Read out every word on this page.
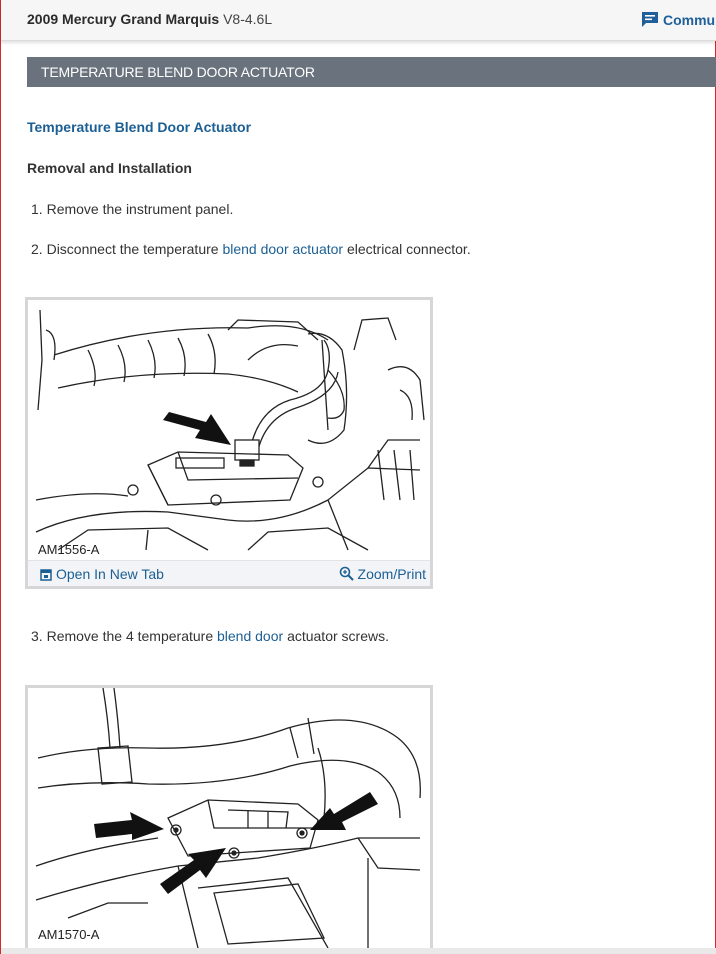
2009 Mercury Grand Marquis V8-4.6L	Commu
TEMPERATURE BLEND DOOR ACTUATOR
Temperature Blend Door Actuator
Removal and Installation
1. Remove the instrument panel.
2. Disconnect the temperature blend door actuator electrical connector.
AM1556-A
Open In New Tab	Zoom/Print
3. Remove the 4 temperature blend door actuator screws.
AM1570-A
